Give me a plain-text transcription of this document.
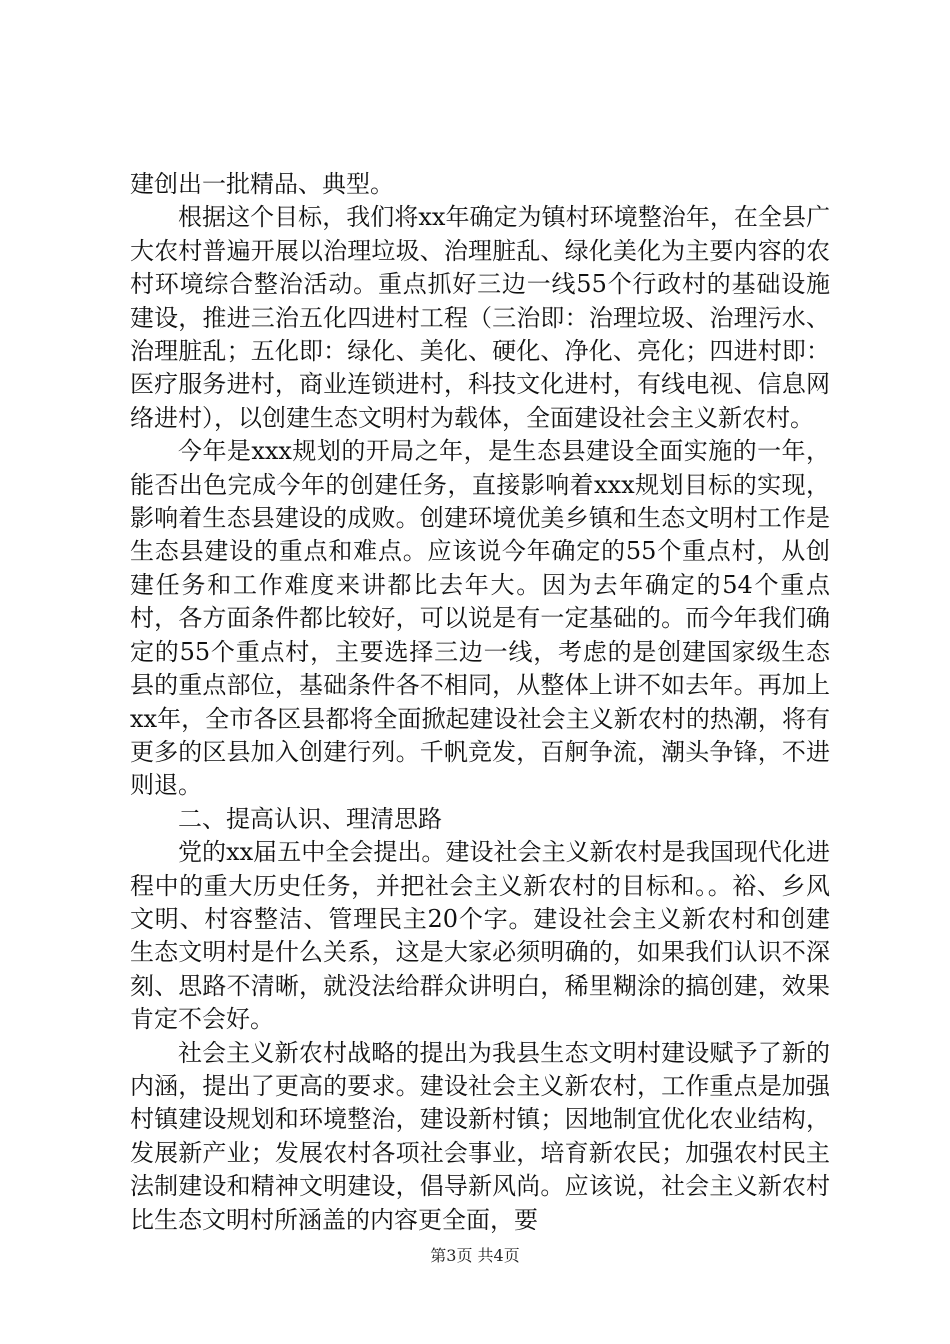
建创出一批精品、典型。

根据这个目标，我们将xx年确定为镇村环境整治年，在全县广大农村普遍开展以治理垃圾、治理脏乱、绿化美化为主要内容的农村环境综合整治活动。重点抓好三边一线55个行政村的基础设施建设，推进三治五化四进村工程（三治即：治理垃圾、治理污水、治理脏乱；五化即：绿化、美化、硬化、净化、亮化；四进村即：医疗服务进村，商业连锁进村，科技文化进村，有线电视、信息网络进村），以创建生态文明村为载体，全面建设社会主义新农村。

今年是xxx规划的开局之年，是生态县建设全面实施的一年，能否出色完成今年的创建任务，直接影响着xxx规划目标的实现，影响着生态县建设的成败。创建环境优美乡镇和生态文明村工作是生态县建设的重点和难点。应该说今年确定的55个重点村，从创建任务和工作难度来讲都比去年大。因为去年确定的54个重点村，各方面条件都比较好，可以说是有一定基础的。而今年我们确定的55个重点村，主要选择三边一线，考虑的是创建国家级生态县的重点部位，基础条件各不相同，从整体上讲不如去年。再加上xx年，全市各区县都将全面掀起建设社会主义新农村的热潮，将有更多的区县加入创建行列。千帆竞发，百舸争流，潮头争锋，不进则退。

二、提高认识、理清思路

党的xx届五中全会提出。建设社会主义新农村是我国现代化进程中的重大历史任务，并把社会主义新农村的目标和。。裕、乡风文明、村容整洁、管理民主20个字。建设社会主义新农村和创建生态文明村是什么关系，这是大家必须明确的，如果我们认识不深刻、思路不清晰，就没法给群众讲明白，稀里糊涂的搞创建，效果肯定不会好。

社会主义新农村战略的提出为我县生态文明村建设赋予了新的内涵，提出了更高的要求。建设社会主义新农村，工作重点是加强村镇建设规划和环境整治，建设新村镇；因地制宜优化农业结构，发展新产业；发展农村各项社会事业，培育新农民；加强农村民主法制建设和精神文明建设，倡导新风尚。应该说，社会主义新农村比生态文明村所涵盖的内容更全面，要

第3页 共4页
